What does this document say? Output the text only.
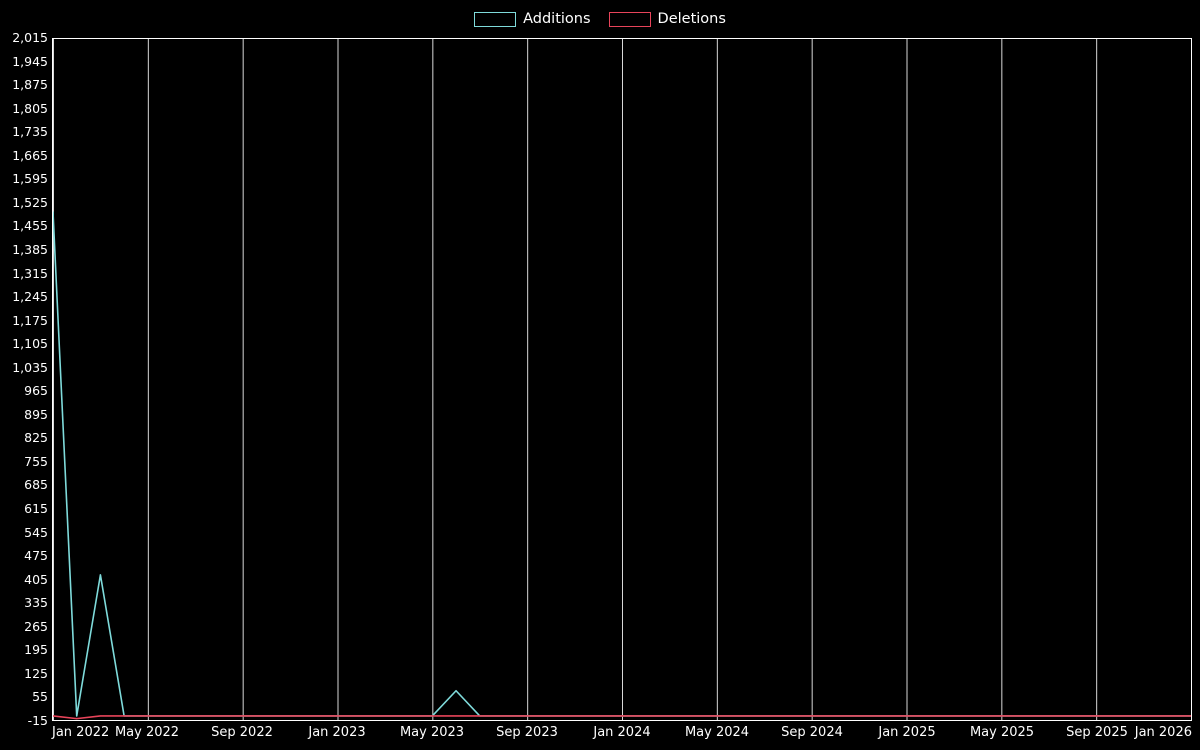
Additions	Deletions
-15
55
125
195
265
335
405
475
545
615
685
755
825
895
965
1,035
1,105
1,175
1,245
1,315
1,385
1,455
1,525
1,595
1,665
1,735
1,805
1,875
1,945
2,015
Jan 2022 May 2022 Sep 2022	Jan 2023	May 2023 Sep 2023	Jan 2024	May 2024 Sep 2024	Jan 2025	May 2025 Sep 2025 Jan 2026
